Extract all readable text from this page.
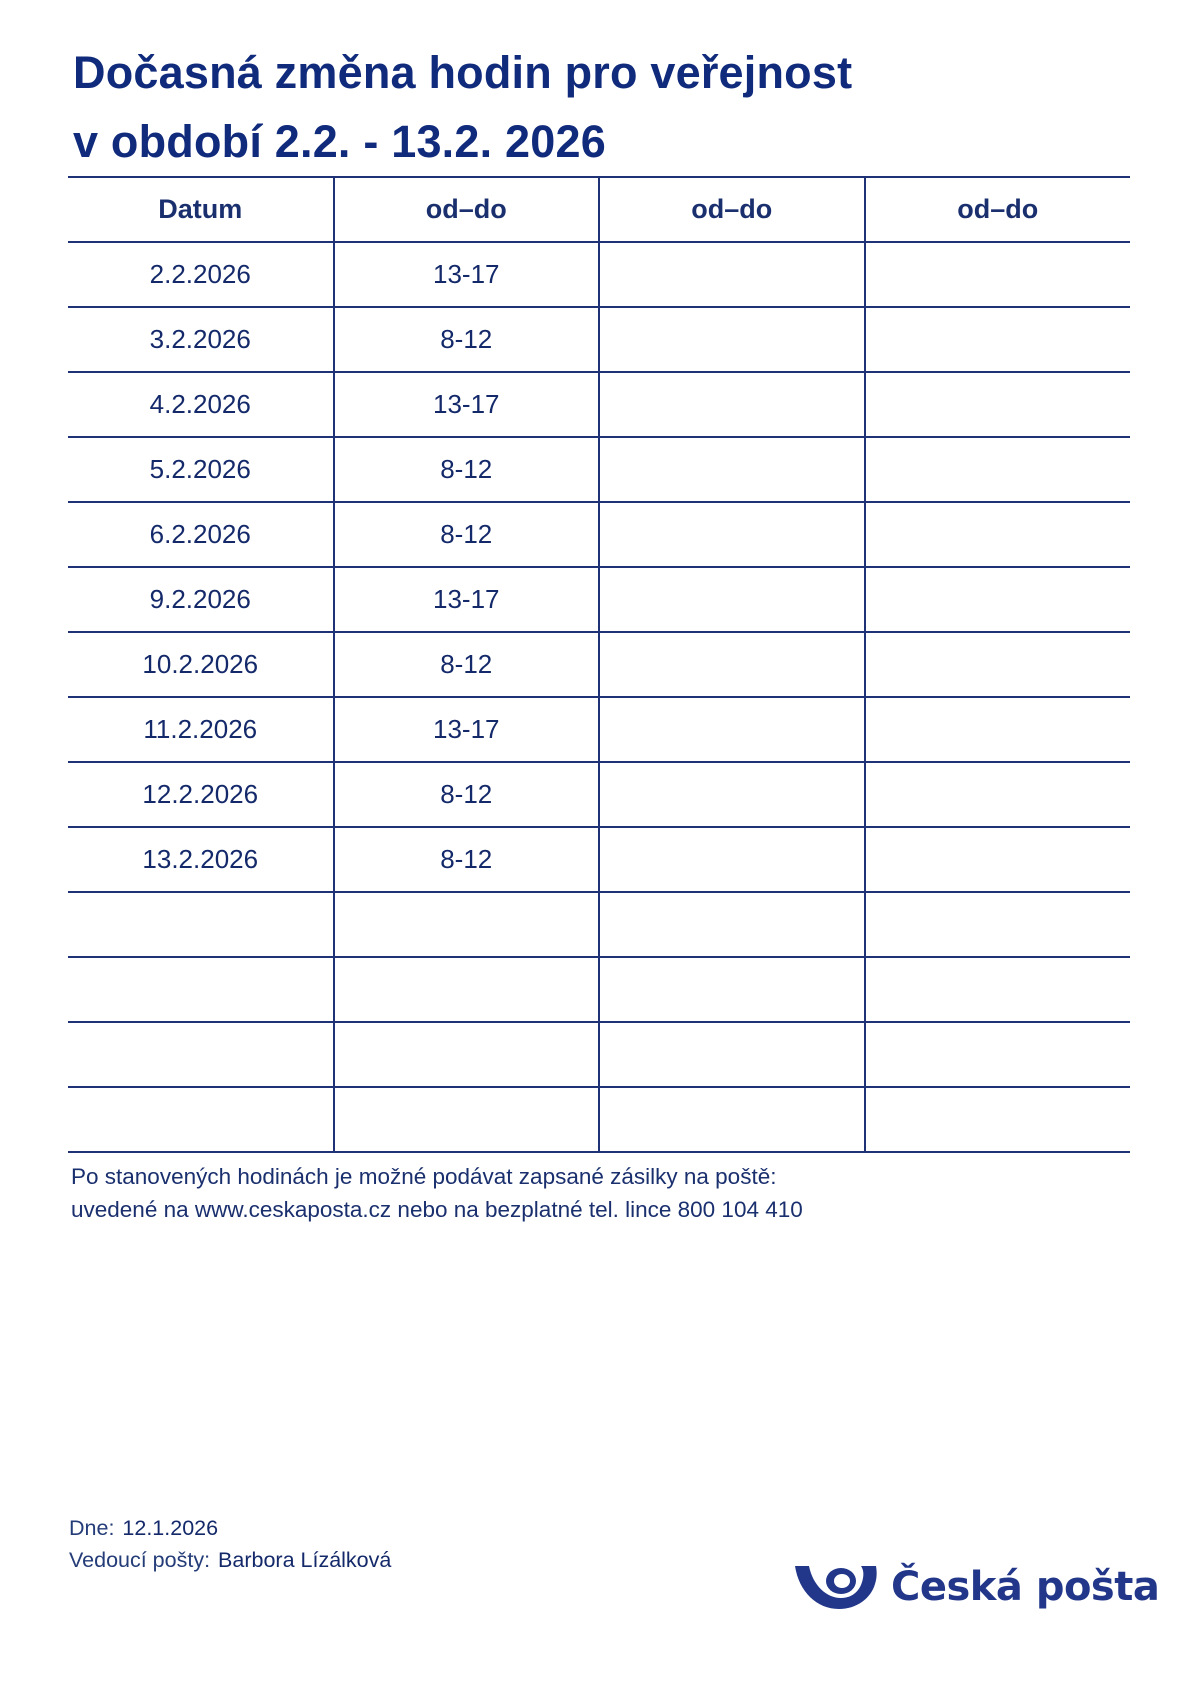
Dočasná změna hodin pro veřejnost
v období 2.2. - 13.2. 2026
Datum	od–do	od–do	od–do
2.2.2026	13-17		
3.2.2026	8-12		
4.2.2026	13-17		
5.2.2026	8-12		
6.2.2026	8-12		
9.2.2026	13-17		
10.2.2026	8-12		
11.2.2026	13-17		
12.2.2026	8-12		
13.2.2026	8-12		

Po stanovených hodinách je možné podávat zapsané zásilky na poště:
uvedené na www.ceskaposta.cz nebo na bezplatné tel. lince 800 104 410
Dne: 12.1.2026
Vedoucí pošty: Barbora Lízálková
Česká pošta
